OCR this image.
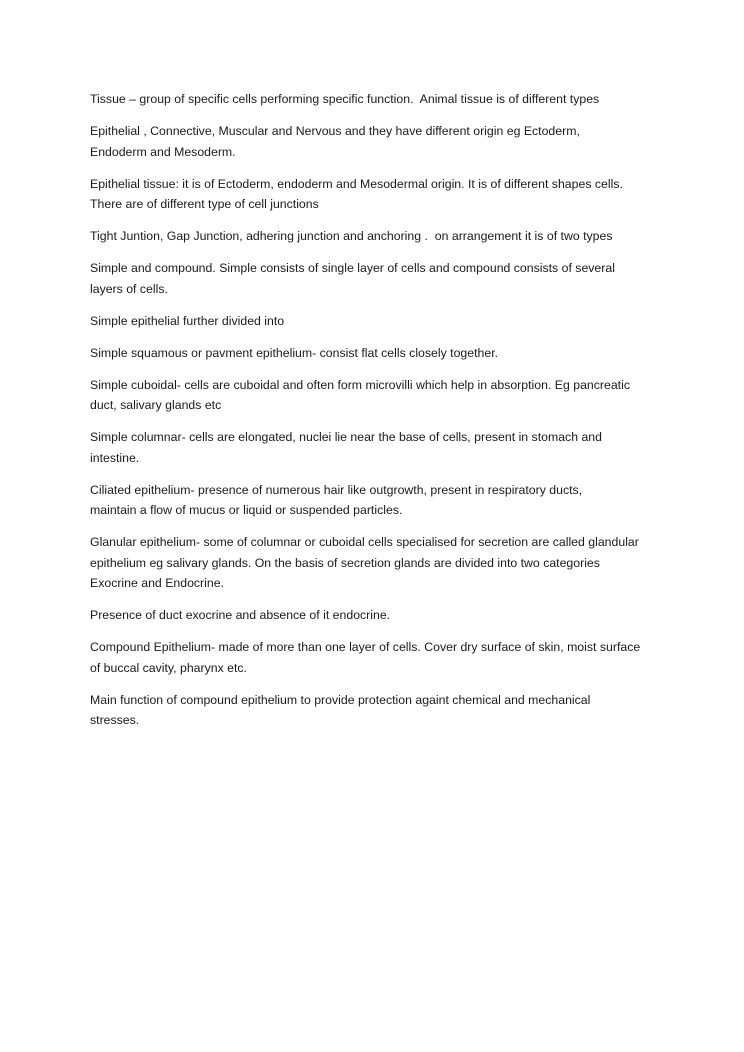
Tissue – group of specific cells performing specific function.  Animal tissue is of different types

Epithelial , Connective, Muscular and Nervous and they have different origin eg Ectoderm,
Endoderm and Mesoderm.

Epithelial tissue: it is of Ectoderm, endoderm and Mesodermal origin. It is of different shapes cells.
There are of different type of cell junctions

Tight Juntion, Gap Junction, adhering junction and anchoring .  on arrangement it is of two types

Simple and compound. Simple consists of single layer of cells and compound consists of several
layers of cells.

Simple epithelial further divided into

Simple squamous or pavment epithelium- consist flat cells closely together.

Simple cuboidal- cells are cuboidal and often form microvilli which help in absorption. Eg pancreatic
duct, salivary glands etc

Simple columnar- cells are elongated, nuclei lie near the base of cells, present in stomach and
intestine.

Ciliated epithelium- presence of numerous hair like outgrowth, present in respiratory ducts,
maintain a flow of mucus or liquid or suspended particles.

Glanular epithelium- some of columnar or cuboidal cells specialised for secretion are called glandular
epithelium eg salivary glands. On the basis of secretion glands are divided into two categories
Exocrine and Endocrine.

Presence of duct exocrine and absence of it endocrine.

Compound Epithelium- made of more than one layer of cells. Cover dry surface of skin, moist surface
of buccal cavity, pharynx etc.

Main function of compound epithelium to provide protection againt chemical and mechanical
stresses.
